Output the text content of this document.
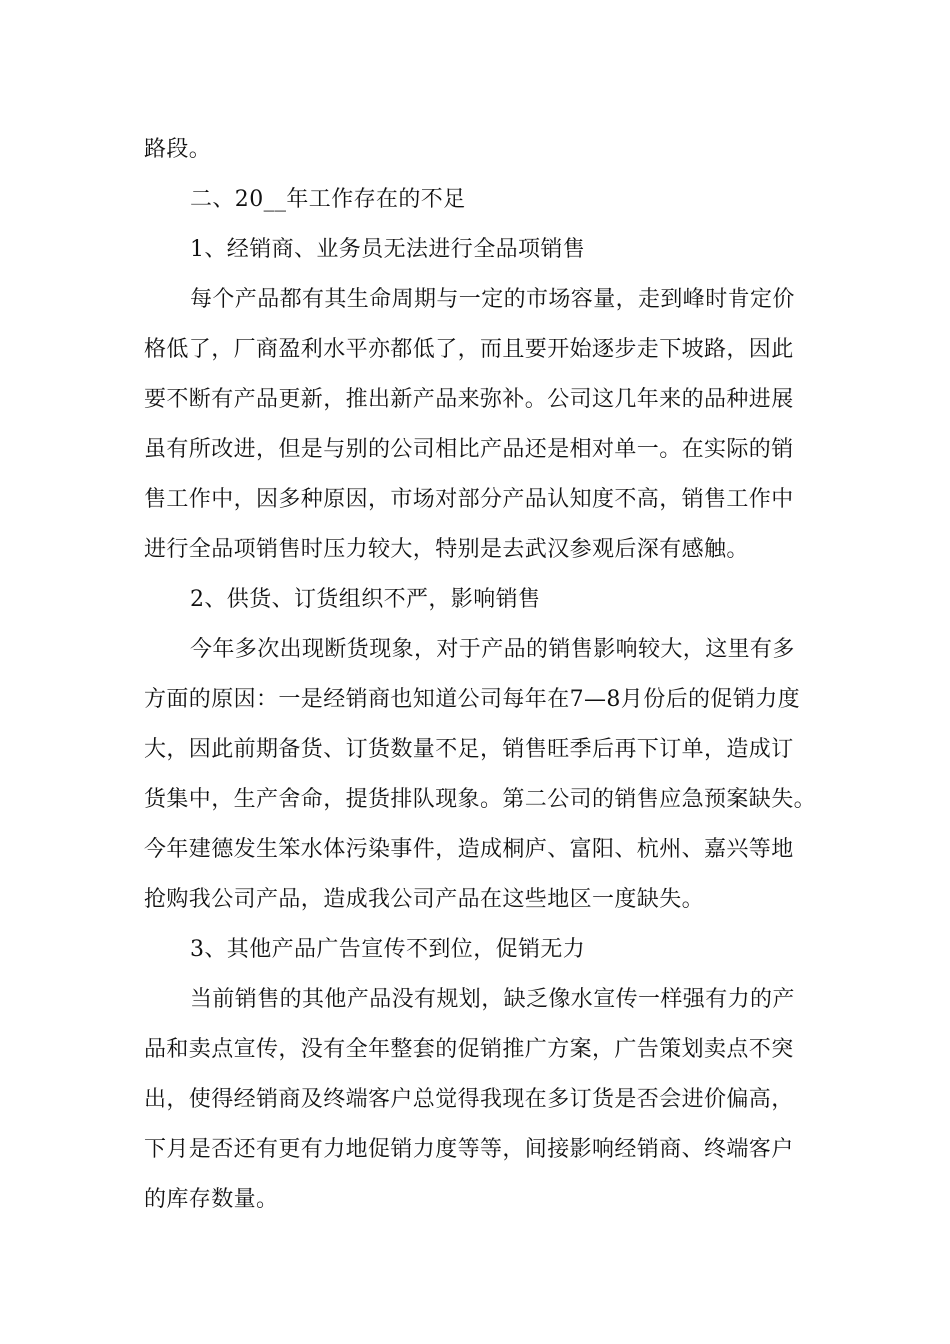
路段。
二、20__年工作存在的不足
1、经销商、业务员无法进行全品项销售
每个产品都有其生命周期与一定的市场容量，走到峰时肯定价
格低了，厂商盈利水平亦都低了，而且要开始逐步走下坡路，因此
要不断有产品更新，推出新产品来弥补。公司这几年来的品种进展
虽有所改进，但是与别的公司相比产品还是相对单一。在实际的销
售工作中，因多种原因，市场对部分产品认知度不高，销售工作中
进行全品项销售时压力较大，特别是去武汉参观后深有感触。
2、供货、订货组织不严，影响销售
今年多次出现断货现象，对于产品的销售影响较大，这里有多
方面的原因：一是经销商也知道公司每年在7—8月份后的促销力度
大，因此前期备货、订货数量不足，销售旺季后再下订单，造成订
货集中，生产舍命，提货排队现象。第二公司的销售应急预案缺失。
今年建德发生笨水体污染事件，造成桐庐、富阳、杭州、嘉兴等地
抢购我公司产品，造成我公司产品在这些地区一度缺失。
3、其他产品广告宣传不到位，促销无力
当前销售的其他产品没有规划，缺乏像水宣传一样强有力的产
品和卖点宣传，没有全年整套的促销推广方案，广告策划卖点不突
出，使得经销商及终端客户总觉得我现在多订货是否会进价偏高，
下月是否还有更有力地促销力度等等，间接影响经销商、终端客户
的库存数量。
